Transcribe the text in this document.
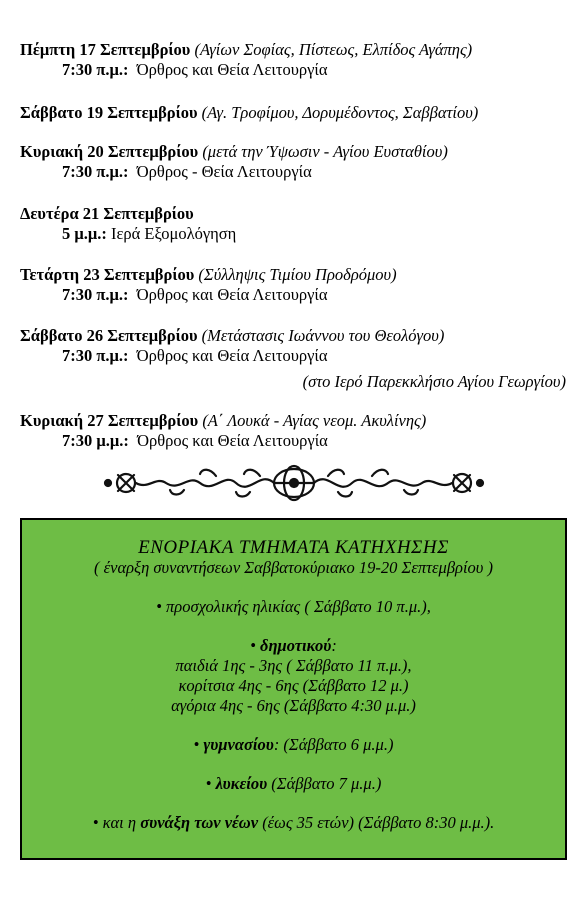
Πέμπτη 17 Σεπτεμβρίου (Αγίων Σοφίας, Πίστεως, Ελπίδος Αγάπης)
7:30 π.μ.: Όρθρος και Θεία Λειτουργία
Σάββατο 19 Σεπτεμβρίου (Αγ. Τροφίμου, Δορυμέδοντος, Σαββατίου)
Κυριακή 20 Σεπτεμβρίου (μετά την Ύψωσιν - Αγίου Ευσταθίου)
7:30 π.μ.: Όρθρος - Θεία Λειτουργία
Δευτέρα 21 Σεπτεμβρίου
5 μ.μ.: Ιερά Εξομολόγηση
Τετάρτη 23 Σεπτεμβρίου (Σύλληψις Τιμίου Προδρόμου)
7:30 π.μ.: Όρθρος και Θεία Λειτουργία
Σάββατο 26 Σεπτεμβρίου (Μετάστασις Ιωάννου του Θεολόγου)
7:30 π.μ.: Όρθρος και Θεία Λειτουργία
(στο Ιερό Παρεκκλήσιο Αγίου Γεωργίου)
Κυριακή 27 Σεπτεμβρίου (Α΄ Λουκά - Αγίας νεομ. Ακυλίνης)
7:30 μ.μ.: Όρθρος και Θεία Λειτουργία

ΕΝΟΡΙΑΚΑ ΤΜΗΜΑΤΑ ΚΑΤΗΧΗΣΗΣ

( έναρξη συναντήσεων Σαββατοκύριακο 19-20 Σεπτεμβρίου )

• προσχολικής ηλικίας ( Σάββατο 10 π.μ.),

• δημοτικού:

παιδιά 1ης - 3ης ( Σάββατο 11 π.μ.),

κορίτσια 4ης - 6ης (Σάββατο 12 μ.)

αγόρια 4ης - 6ης (Σάββατο 4:30 μ.μ.)

• γυμνασίου: (Σάββατο 6 μ.μ.)

• λυκείου (Σάββατο 7 μ.μ.)

• και η συνάξη των νέων (έως 35 ετών) (Σάββατο 8:30 μ.μ.).
